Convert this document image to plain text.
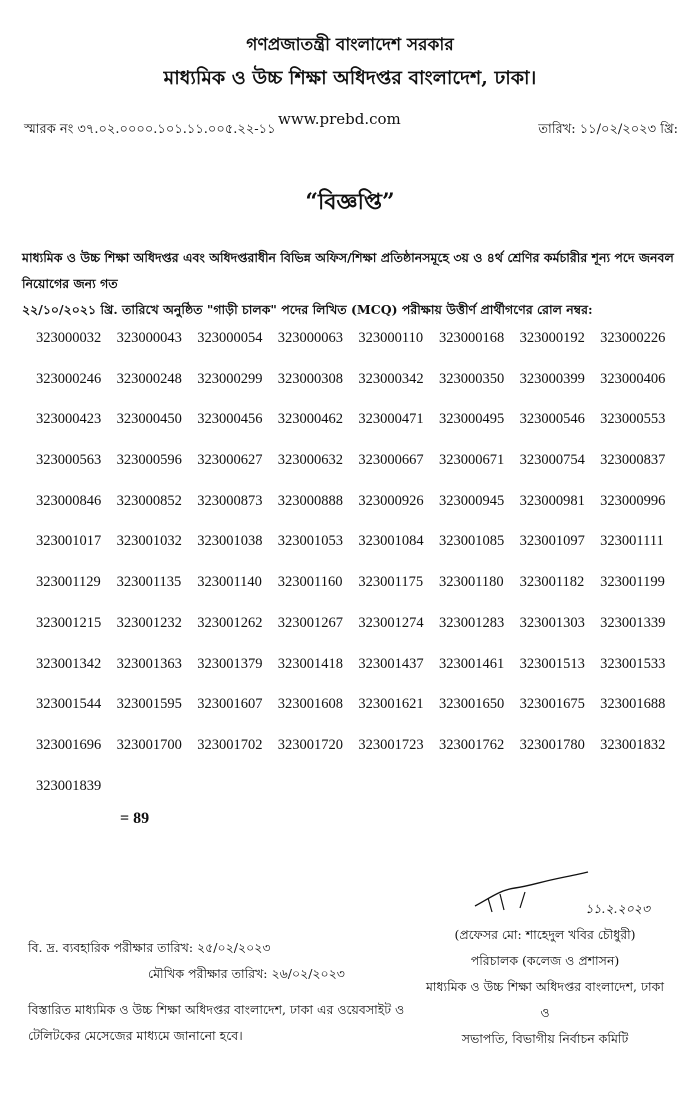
গণপ্রজাতন্ত্রী বাংলাদেশ সরকার
মাধ্যমিক ও উচ্চ শিক্ষা অধিদপ্তর বাংলাদেশ, ঢাকা।
স্মারক নং ৩৭.০২.০০০০.১০১.১১.০০৫.২২-১১
www.prebd.com
তারিখ: ১১/০২/২০২৩ খ্রি:
“বিজ্ঞপ্তি”
মাধ্যমিক ও উচ্চ শিক্ষা অধিদপ্তর এবং অধিদপ্তরাধীন বিভিন্ন অফিস/শিক্ষা প্রতিষ্ঠানসমূহে ৩য় ও ৪র্থ শ্রেণির কর্মচারীর শূন্য পদে জনবল নিয়োগের জন্য গত
২২/১০/২০২১ খ্রি. তারিখে অনুষ্ঠিত "গাড়ী চালক" পদের লিখিত (MCQ) পরীক্ষায় উত্তীর্ণ প্রার্থীগণের রোল নম্বর:
323000032	323000043	323000054	323000063	323000110	323000168	323000192	323000226
323000246	323000248	323000299	323000308	323000342	323000350	323000399	323000406
323000423	323000450	323000456	323000462	323000471	323000495	323000546	323000553
323000563	323000596	323000627	323000632	323000667	323000671	323000754	323000837
323000846	323000852	323000873	323000888	323000926	323000945	323000981	323000996
323001017	323001032	323001038	323001053	323001084	323001085	323001097	323001111
323001129	323001135	323001140	323001160	323001175	323001180	323001182	323001199
323001215	323001232	323001262	323001267	323001274	323001283	323001303	323001339
323001342	323001363	323001379	323001418	323001437	323001461	323001513	323001533
323001544	323001595	323001607	323001608	323001621	323001650	323001675	323001688
323001696	323001700	323001702	323001720	323001723	323001762	323001780	323001832
323001839
= 89
১১.২.২০২৩
(প্রফেসর মো: শাহেদুল খবির চৌধুরী)
পরিচালক (কলেজ ও প্রশাসন)
মাধ্যমিক ও উচ্চ শিক্ষা অধিদপ্তর বাংলাদেশ, ঢাকা
ও
সভাপতি, বিভাগীয় নির্বাচন কমিটি
বি. দ্র. ব্যবহারিক পরীক্ষার তারিখ: ২৫/০২/২০২৩
মৌখিক পরীক্ষার তারিখ: ২৬/০২/২০২৩
বিস্তারিত মাধ্যমিক ও উচ্চ শিক্ষা অধিদপ্তর বাংলাদেশ, ঢাকা এর ওয়েবসাইট ও
টেলিটকের মেসেজের মাধ্যমে জানানো হবে।
